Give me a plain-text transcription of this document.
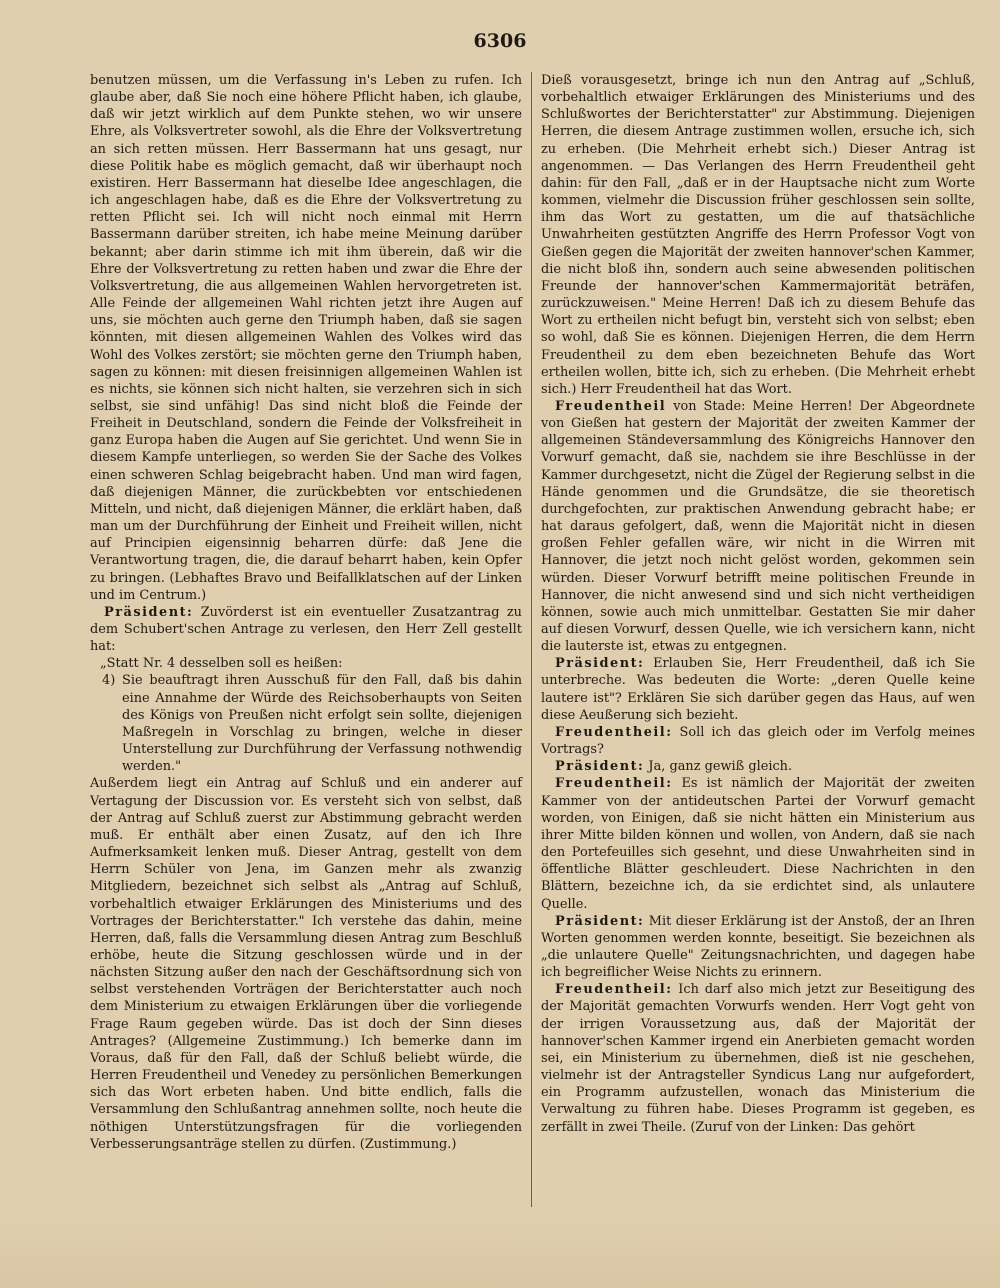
6306

benutzen müssen, um die Verfassung in's Leben zu rufen. Ich glaube aber, daß Sie noch eine höhere Pflicht haben, ich glaube, daß wir jetzt wirklich auf dem Punkte stehen, wo wir unsere Ehre, als Volksvertreter sowohl, als die Ehre der Volksvertretung an sich retten müssen. Herr Bassermann hat uns gesagt, nur diese Politik habe es möglich gemacht, daß wir überhaupt noch existiren. Herr Bassermann hat dieselbe Idee angeschlagen, die ich angeschlagen habe, daß es die Ehre der Volksvertretung zu retten Pflicht sei. Ich will nicht noch einmal mit Herrn Bassermann darüber streiten, ich habe meine Meinung darüber bekannt; aber darin stimme ich mit ihm überein, daß wir die Ehre der Volksvertretung zu retten haben und zwar die Ehre der Volksvertretung, die aus allgemeinen Wahlen hervorgetreten ist. Alle Feinde der allgemeinen Wahl richten jetzt ihre Augen auf uns, sie möchten auch gerne den Triumph haben, daß sie sagen könnten, mit diesen allgemeinen Wahlen des Volkes wird das Wohl des Volkes zerstört; sie möchten gerne den Triumph haben, sagen zu können: mit diesen freisinnigen allgemeinen Wahlen ist es nichts, sie können sich nicht halten, sie verzehren sich in sich selbst, sie sind unfähig! Das sind nicht bloß die Feinde der Freiheit in Deutschland, sondern die Feinde der Volksfreiheit in ganz Europa haben die Augen auf Sie gerichtet. Und wenn Sie in diesem Kampfe unterliegen, so werden Sie der Sache des Volkes einen schweren Schlag beigebracht haben. Und man wird fagen, daß diejenigen Männer, die zurückbebten vor entschiedenen Mitteln, und nicht, daß diejenigen Männer, die erklärt haben, daß man um der Durchführung der Einheit und Freiheit willen, nicht auf Principien eigensinnig beharren dürfe: daß Jene die Verantwortung tragen, die, die darauf beharrt haben, kein Opfer zu bringen. (Lebhaftes Bravo und Beifallklatschen auf der Linken und im Centrum.)

Präsident: Zuvörderst ist ein eventueller Zusatzantrag zu dem Schubert'schen Antrage zu verlesen, den Herr Zell gestellt hat:

„Statt Nr. 4 desselben soll es heißen:

4) Sie beauftragt ihren Ausschuß für den Fall, daß bis dahin eine Annahme der Würde des Reichsoberhaupts von Seiten des Königs von Preußen nicht erfolgt sein sollte, diejenigen Maßregeln in Vorschlag zu bringen, welche in dieser Unterstellung zur Durchführung der Verfassung nothwendig werden."

Außerdem liegt ein Antrag auf Schluß und ein anderer auf Vertagung der Discussion vor. Es versteht sich von selbst, daß der Antrag auf Schluß zuerst zur Abstimmung gebracht werden muß. Er enthält aber einen Zusatz, auf den ich Ihre Aufmerksamkeit lenken muß. Dieser Antrag, gestellt von dem Herrn Schüler von Jena, im Ganzen mehr als zwanzig Mitgliedern, bezeichnet sich selbst als „Antrag auf Schluß, vorbehaltlich etwaiger Erklärungen des Ministeriums und des Vortrages der Berichterstatter." Ich verstehe das dahin, meine Herren, daß, falls die Versammlung diesen Antrag zum Beschluß erhöbe, heute die Sitzung geschlossen würde und in der nächsten Sitzung außer den nach der Geschäftsordnung sich von selbst verstehenden Vorträgen der Berichterstatter auch noch dem Ministerium zu etwaigen Erklärungen über die vorliegende Frage Raum gegeben würde. Das ist doch der Sinn dieses Antrages? (Allgemeine Zustimmung.) Ich bemerke dann im Voraus, daß für den Fall, daß der Schluß beliebt würde, die Herren Freudentheil und Venedey zu persönlichen Bemerkungen sich das Wort erbeten haben. Und bitte endlich, falls die Versammlung den Schlußantrag annehmen sollte, noch heute die nöthigen Unterstützungsfragen für die vorliegenden Verbesserungsanträge stellen zu dürfen. (Zustimmung.)

Dieß vorausgesetzt, bringe ich nun den Antrag auf „Schluß, vorbehaltlich etwaiger Erklärungen des Ministeriums und des Schlußwortes der Berichterstatter" zur Abstimmung. Diejenigen Herren, die diesem Antrage zustimmen wollen, ersuche ich, sich zu erheben. (Die Mehrheit erhebt sich.) Dieser Antrag ist angenommen. — Das Verlangen des Herrn Freudentheil geht dahin: für den Fall, „daß er in der Hauptsache nicht zum Worte kommen, vielmehr die Discussion früher geschlossen sein sollte, ihm das Wort zu gestatten, um die auf thatsächliche Unwahrheiten gestützten Angriffe des Herrn Professor Vogt von Gießen gegen die Majorität der zweiten hannover'schen Kammer, die nicht bloß ihn, sondern auch seine abwesenden politischen Freunde der hannover'schen Kammermajorität beträfen, zurückzuweisen." Meine Herren! Daß ich zu diesem Behufe das Wort zu ertheilen nicht befugt bin, versteht sich von selbst; eben so wohl, daß Sie es können. Diejenigen Herren, die dem Herrn Freudentheil zu dem eben bezeichneten Behufe das Wort ertheilen wollen, bitte ich, sich zu erheben. (Die Mehrheit erhebt sich.) Herr Freudentheil hat das Wort.

Freudentheil von Stade: Meine Herren! Der Abgeordnete von Gießen hat gestern der Majorität der zweiten Kammer der allgemeinen Ständeversammlung des Königreichs Hannover den Vorwurf gemacht, daß sie, nachdem sie ihre Beschlüsse in der Kammer durchgesetzt, nicht die Zügel der Regierung selbst in die Hände genommen und die Grundsätze, die sie theoretisch durchgefochten, zur praktischen Anwendung gebracht habe; er hat daraus gefolgert, daß, wenn die Majorität nicht in diesen großen Fehler gefallen wäre, wir nicht in die Wirren mit Hannover, die jetzt noch nicht gelöst worden, gekommen sein würden. Dieser Vorwurf betrifft meine politischen Freunde in Hannover, die nicht anwesend sind und sich nicht vertheidigen können, sowie auch mich unmittelbar. Gestatten Sie mir daher auf diesen Vorwurf, dessen Quelle, wie ich versichern kann, nicht die lauterste ist, etwas zu entgegnen.

Präsident: Erlauben Sie, Herr Freudentheil, daß ich Sie unterbreche. Was bedeuten die Worte: „deren Quelle keine lautere ist"? Erklären Sie sich darüber gegen das Haus, auf wen diese Aeußerung sich bezieht.

Freudentheil: Soll ich das gleich oder im Verfolg meines Vortrags?

Präsident: Ja, ganz gewiß gleich.

Freudentheil: Es ist nämlich der Majorität der zweiten Kammer von der antideutschen Partei der Vorwurf gemacht worden, von Einigen, daß sie nicht hätten ein Ministerium aus ihrer Mitte bilden können und wollen, von Andern, daß sie nach den Portefeuilles sich gesehnt, und diese Unwahrheiten sind in öffentliche Blätter geschleudert. Diese Nachrichten in den Blättern, bezeichne ich, da sie erdichtet sind, als unlautere Quelle.

Präsident: Mit dieser Erklärung ist der Anstoß, der an Ihren Worten genommen werden konnte, beseitigt. Sie bezeichnen als „die unlautere Quelle" Zeitungsnachrichten, und dagegen habe ich begreiflicher Weise Nichts zu erinnern.

Freudentheil: Ich darf also mich jetzt zur Beseitigung des der Majorität gemachten Vorwurfs wenden. Herr Vogt geht von der irrigen Voraussetzung aus, daß der Majorität der hannover'schen Kammer irgend ein Anerbieten gemacht worden sei, ein Ministerium zu übernehmen, dieß ist nie geschehen, vielmehr ist der Antragsteller Syndicus Lang nur aufgefordert, ein Programm aufzustellen, wonach das Ministerium die Verwaltung zu führen habe. Dieses Programm ist gegeben, es zerfällt in zwei Theile. (Zuruf von der Linken: Das gehört
